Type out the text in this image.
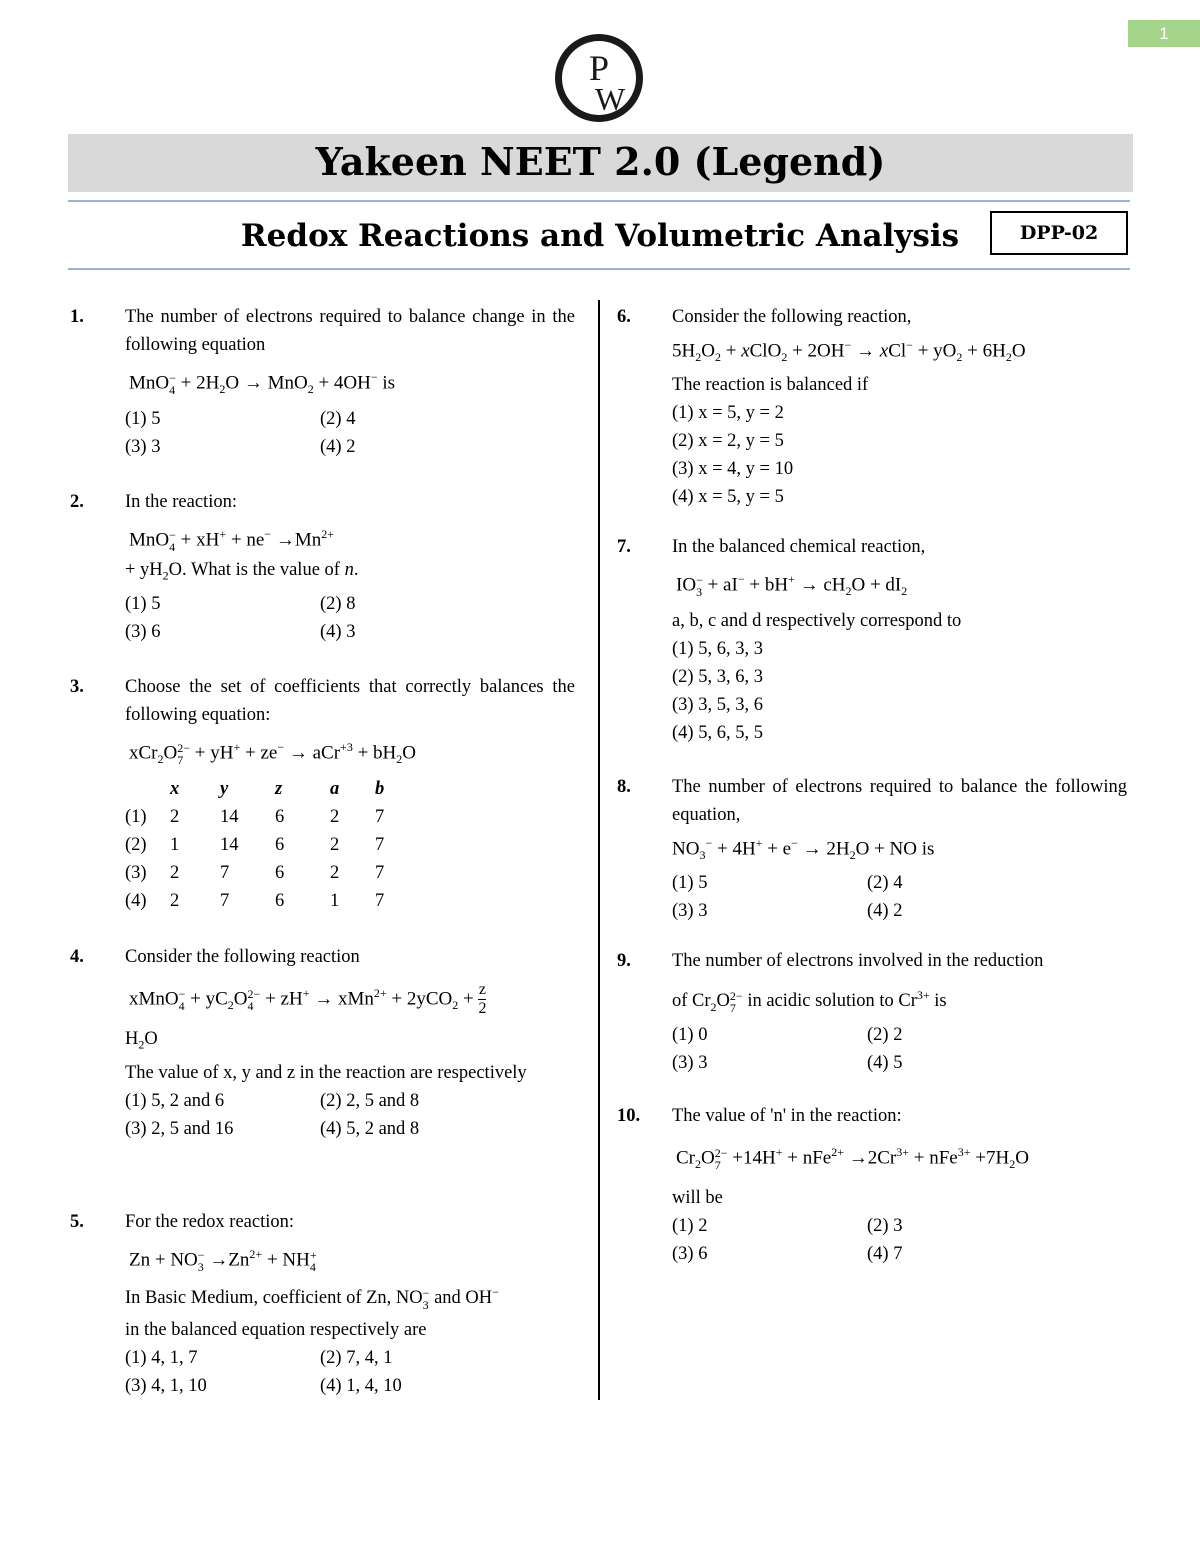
1
P
W
Yakeen NEET 2.0 (Legend)
Redox Reactions and Volumetric Analysis	DPP-02
1. The number of electrons required to balance change in the following equation

MnO −
$4 + 2H_2O \to MnO_2 + 4OH^-$ is
(1) 5	(2) 4
(3) 3	(4) 2
2. In the reaction:

MnO −
$4 + xH^+ + ne^- \to Mn^{2+}$

+ $yH_2O$. What is the value of n.

(1) 5	(2) 8
(3) 6	(4) 3
3. Choose the set of coefficients that correctly balances the following equation:

xCr$_2$O 2−
$7 + yH^+ + ze^- \to aCr^{+3} + bH_2O$
	x	y	z	a	b
(1)	2	14	6	2	7
(2)	1	14	6	2	7
(3)	2	7	6	2	7
(4)	2	7	6	1	7
4. Consider the following reaction

xMnO −
$4 + yC_2O$ 2−
$4 + zH^+ \to xMn^{2+} + 2yCO_2 + \frac{z}{2}$

$H_2O$

The value of x, y and z in the reaction are respectively

(1) 5, 2 and 6	(2) 2, 5 and 8
(3) 2, 5 and 16	(4) 5, 2 and 8
5. For the redox reaction:

Zn + NO −
$3 \to Zn^{2+}$ + NH +
4

In Basic Medium, coefficient of Zn, NO −
3 and OH−

in the balanced equation respectively are

(1) 4, 1, 7	(2) 7, 4, 1
(3) 4, 1, 10	(4) 1, 4, 10
6. Consider the following reaction,

$5H_2O_2$ + xClO$_2$ + $2OH^- \to xCl^- + yO_2 + 6H_2O$

The reaction is balanced if

(1) x = 5, y = 2
(2) x = 2, y = 5
(3) x = 4, y = 10
(4) x = 5, y = 5
7. In the balanced chemical reaction,

IO −
$3 + aI^- + bH^+ \to cH_2O + dI_2$

a, b, c and d respectively correspond to

(1) 5, 6, 3, 3
(2) 5, 3, 6, 3
(3) 3, 5, 3, 6
(4) 5, 6, 5, 5
8. The number of electrons required to balance the following equation,

$NO_3^- + 4H^+ + e^- \to 2H_2O$ + NO is
(1) 5	(2) 4
(3) 3	(4) 2
9. The number of electrons involved in the reduction

of $Cr_2O$ 2−
7 in acidic solution to $Cr^{3+}$ is

(1) 0	(2) 2
(3) 3	(4) 5
10. The value of 'n' in the reaction:

$Cr_2O$ 2−
$7 +14H^+ + nFe^{2+} \to 2Cr^{3+} + nFe^{3+} +7H_2O$

will be

(1) 2	(2) 3
(3) 6	(4) 7
